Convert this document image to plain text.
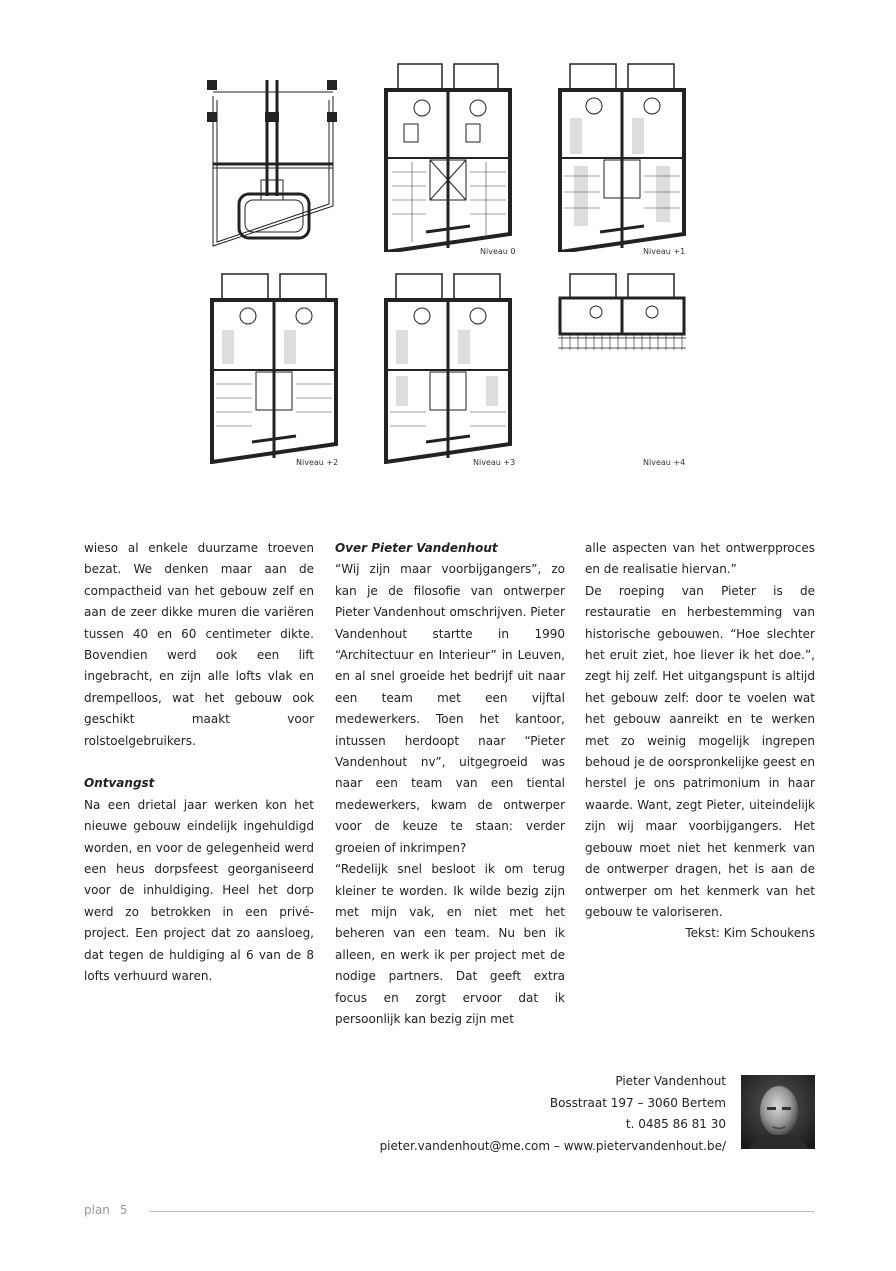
Niveau 0	Niveau +1
Niveau +2	Niveau +3	Niveau +4

wieso al enkele duurzame troeven bezat. We denken maar aan de compactheid van het gebouw zelf en aan de zeer dikke muren die variëren tussen 40 en 60 centimeter dikte. Bovendien werd ook een lift ingebracht, en zijn alle lofts vlak en drempelloos, wat het gebouw ook geschikt maakt voor rolstoelgebruikers.

Ontvangst

Na een drietal jaar werken kon het nieuwe gebouw eindelijk ingehuldigd worden, en voor de gelegenheid werd een heus dorpsfeest georganiseerd voor de inhuldiging. Heel het dorp werd zo betrokken in een privé-project. Een project dat zo aansloeg, dat tegen de huldiging al 6 van de 8 lofts verhuurd waren.

Over Pieter Vandenhout

“Wij zijn maar voorbijgangers”, zo kan je de filosofie van ontwerper Pieter Vandenhout omschrijven. Pieter Vandenhout startte in 1990 “Architectuur en Interieur” in Leuven, en al snel groeide het bedrijf uit naar een team met een vijftal medewerkers. Toen het kantoor, intussen herdoopt naar “Pieter Vandenhout nv”, uitgegroeid was naar een team van een tiental medewerkers, kwam de ontwerper voor de keuze te staan: verder groeien of inkrimpen?

“Redelijk snel besloot ik om terug kleiner te worden. Ik wilde bezig zijn met mijn vak, en niet met het beheren van een team. Nu ben ik alleen, en werk ik per project met de nodige partners. Dat geeft extra focus en zorgt ervoor dat ik persoonlijk kan bezig zijn met

alle aspecten van het ontwerpproces en de realisatie hiervan.”

De roeping van Pieter is de restauratie en herbestemming van historische gebouwen. “Hoe slechter het eruit ziet, hoe liever ik het doe.”, zegt hij zelf. Het uitgangspunt is altijd het gebouw zelf: door te voelen wat het gebouw aanreikt en te werken met zo weinig mogelijk ingrepen behoud je de oorspronkelijke geest en herstel je ons patrimonium in haar waarde. Want, zegt Pieter, uiteindelijk zijn wij maar voorbijgangers. Het gebouw moet niet het kenmerk van de ontwerper dragen, het is aan de ontwerper om het kenmerk van het gebouw te valoriseren.

Tekst: Kim Schoukens

Pieter Vandenhout
Bosstraat 197 – 3060 Bertem
t. 0485 86 81 30
pieter.vandenhout@me.com – www.pietervandenhout.be/
plan 5
